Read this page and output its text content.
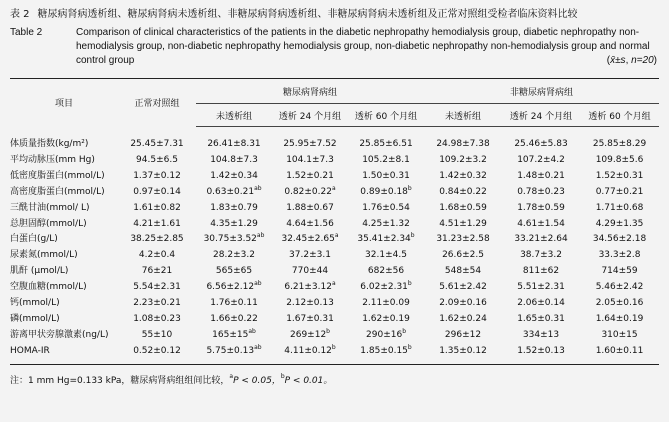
表 2 糖尿病肾病透析组、糖尿病肾病未透析组、非糖尿病肾病透析组、非糖尿病肾病未透析组及正常对照组受检者临床资料比较
Table 2	Comparison of clinical characteristics of the patients in the diabetic nephropathy hemodialysis group, diabetic nephropathy non-hemodialysis group, non-diabetic nephropathy hemodialysis group, non-diabetic nephropathy non-hemodialysis group and normal control group	(x̄±s, n=20)
项目	正常对照组	糖尿病肾病组			非糖尿病肾病组		
		未透析组	透析 24 个月组	透析 60 个月组	未透析组	透析 24 个月组	透析 60 个月组
体质量指数(kg/m²)	25.45±7.31	26.41±8.31	25.95±7.52	25.85±6.51	24.98±7.38	25.46±5.83	25.85±8.29
平均动脉压(mm Hg)	94.5±6.5	104.8±7.3	104.1±7.3	105.2±8.1	109.2±3.2	107.2±4.2	109.8±5.6
低密度脂蛋白(mmol/L)	1.37±0.12	1.42±0.34	1.52±0.21	1.50±0.31	1.42±0.32	1.48±0.21	1.52±0.31
高密度脂蛋白(mmol/L)	0.97±0.14	0.63±0.21$^{ab}$	0.82±0.22$^a$	0.89±0.18$^b$	0.84±0.22	0.78±0.23	0.77±0.21
三酰甘油(mmol/ L)	1.61±0.82	1.83±0.79	1.88±0.67	1.76±0.54	1.68±0.59	1.78±0.59	1.71±0.68
总胆固醇(mmol/L)	4.21±1.61	4.35±1.29	4.64±1.56	4.25±1.32	4.51±1.29	4.61±1.54	4.29±1.35
白蛋白(g/L)	38.25±2.85	30.75±3.52$^{ab}$	32.45±2.65$^a$	35.41±2.34$^b$	31.23±2.58	33.21±2.64	34.56±2.18
尿素氮(mmol/L)	4.2±0.4	28.2±3.2	37.2±3.1	32.1±4.5	26.6±2.5	38.7±3.2	33.3±2.8
肌酐 (μmol/L)	76±21	565±65	770±44	682±56	548±54	811±62	714±59
空腹血糖(mmol/L)	5.54±2.31	6.56±2.12$^{ab}$	6.21±3.12$^a$	6.02±2.31$^b$	5.61±2.42	5.51±2.31	5.46±2.42
钙(mmol/L)	2.23±0.21	1.76±0.11	2.12±0.13	2.11±0.09	2.09±0.16	2.06±0.14	2.05±0.16
磷(mmol/L)	1.08±0.23	1.66±0.22	1.67±0.31	1.62±0.19	1.62±0.24	1.65±0.31	1.64±0.19
游离甲状旁腺激素(ng/L)	55±10	$165\pm 15^{ab}$	$269\pm 12^b$	$290\pm 16^b$	296±12	334±13	310±15
HOMA-IR	0.52±0.12	5.75±0.13$^{ab}$	4.11±0.12$^b$	1.85±0.15$^b$	1.35±0.12	1.52±0.13	1.60±0.11
注：1 mm Hg=0.133 kPa，糖尿病肾病组组间比较，$^a$P < 0.05，$^b$P < 0.01。
